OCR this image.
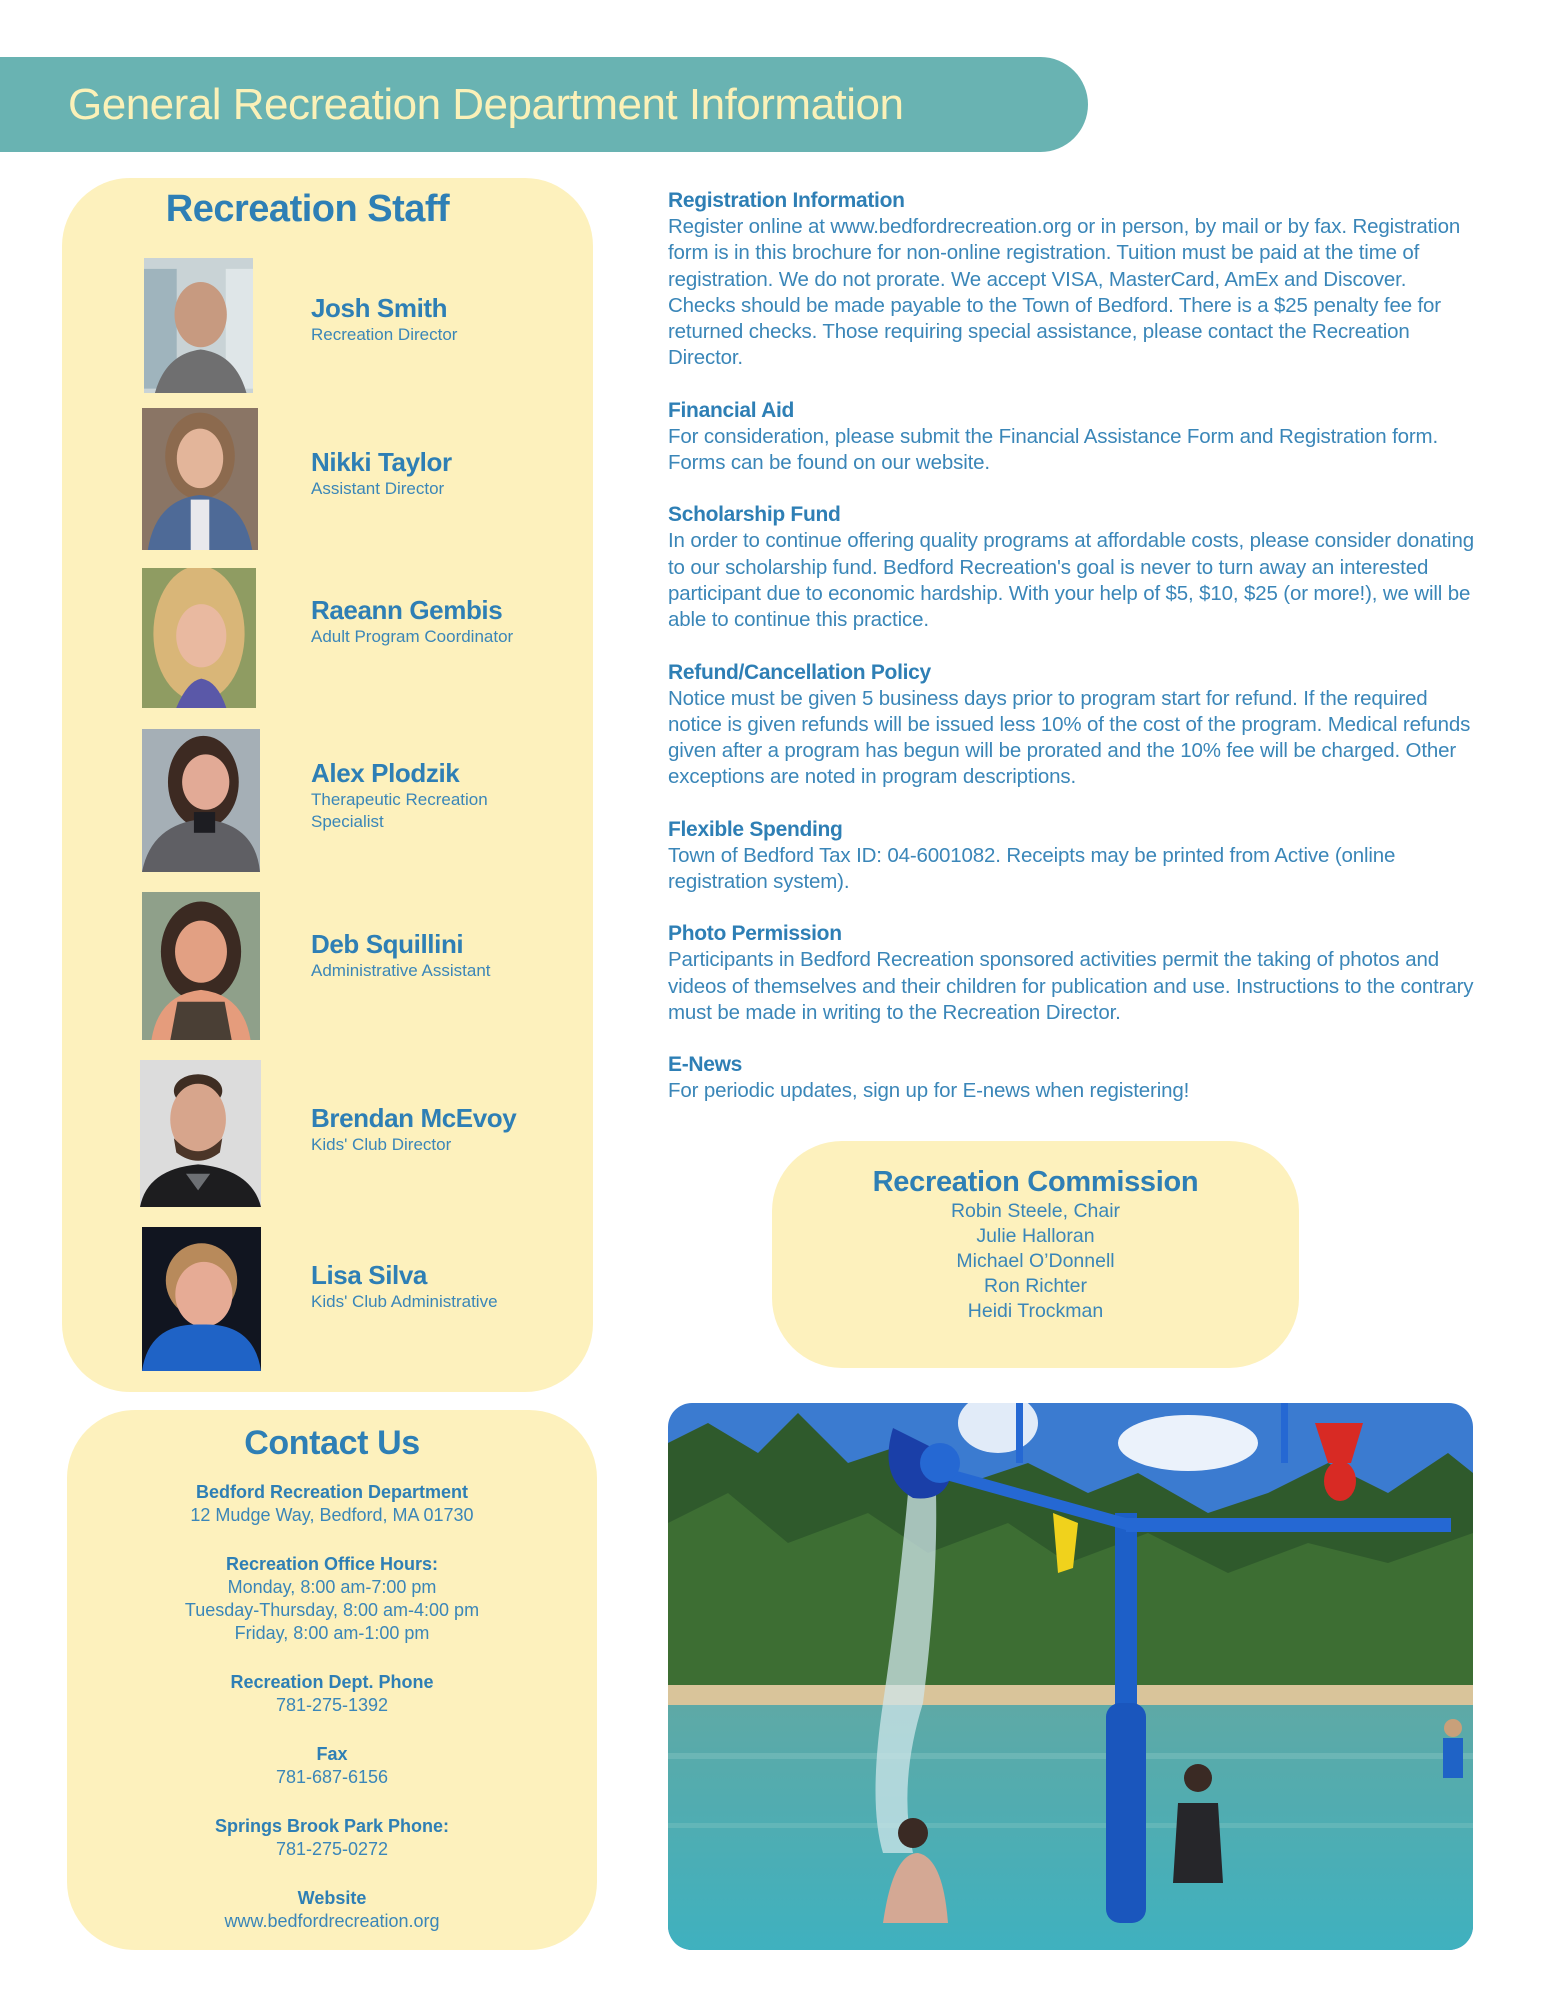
General Recreation Department Information
Recreation Staff
Josh Smith
Recreation Director
Nikki Taylor
Assistant Director
Raeann Gembis
Adult Program Coordinator
Alex Plodzik
Therapeutic Recreation Specialist
Deb Squillini
Administrative Assistant
Brendan McEvoy
Kids' Club Director
Lisa Silva
Kids' Club Administrative
Contact Us
Bedford Recreation Department
12 Mudge Way, Bedford, MA 01730
Recreation Office Hours:
Monday, 8:00 am-7:00 pm
Tuesday-Thursday, 8:00 am-4:00 pm
Friday, 8:00 am-1:00 pm
Recreation Dept. Phone
781-275-1392
Fax
781-687-6156
Springs Brook Park Phone:
781-275-0272
Website
www.bedfordrecreation.org
Registration Information
Register online at www.bedfordrecreation.org or in person, by mail or by fax. Registration form is in this brochure for non-online registration. Tuition must be paid at the time of registration. We do not prorate. We accept VISA, MasterCard, AmEx and Discover. Checks should be made payable to the Town of Bedford. There is a $25 penalty fee for returned checks. Those requiring special assistance, please contact the Recreation Director.
Financial Aid
For consideration, please submit the Financial Assistance Form and Registration form. Forms can be found on our website.
Scholarship Fund
In order to continue offering quality programs at affordable costs, please consider donating to our scholarship fund. Bedford Recreation's goal is never to turn away an interested participant due to economic hardship. With your help of $5, $10, $25 (or more!), we will be able to continue this practice.
Refund/Cancellation Policy
Notice must be given 5 business days prior to program start for refund. If the required notice is given refunds will be issued less 10% of the cost of the program. Medical refunds given after a program has begun will be prorated and the 10% fee will be charged. Other exceptions are noted in program descriptions.
Flexible Spending
Town of Bedford Tax ID: 04-6001082. Receipts may be printed from Active (online registration system).
Photo Permission
Participants in Bedford Recreation sponsored activities permit the taking of photos and videos of themselves and their children for publication and use. Instructions to the contrary must be made in writing to the Recreation Director.
E-News
For periodic updates, sign up for E-news when registering!
Recreation Commission
Robin Steele, Chair
Julie Halloran
Michael O’Donnell
Ron Richter
Heidi Trockman
